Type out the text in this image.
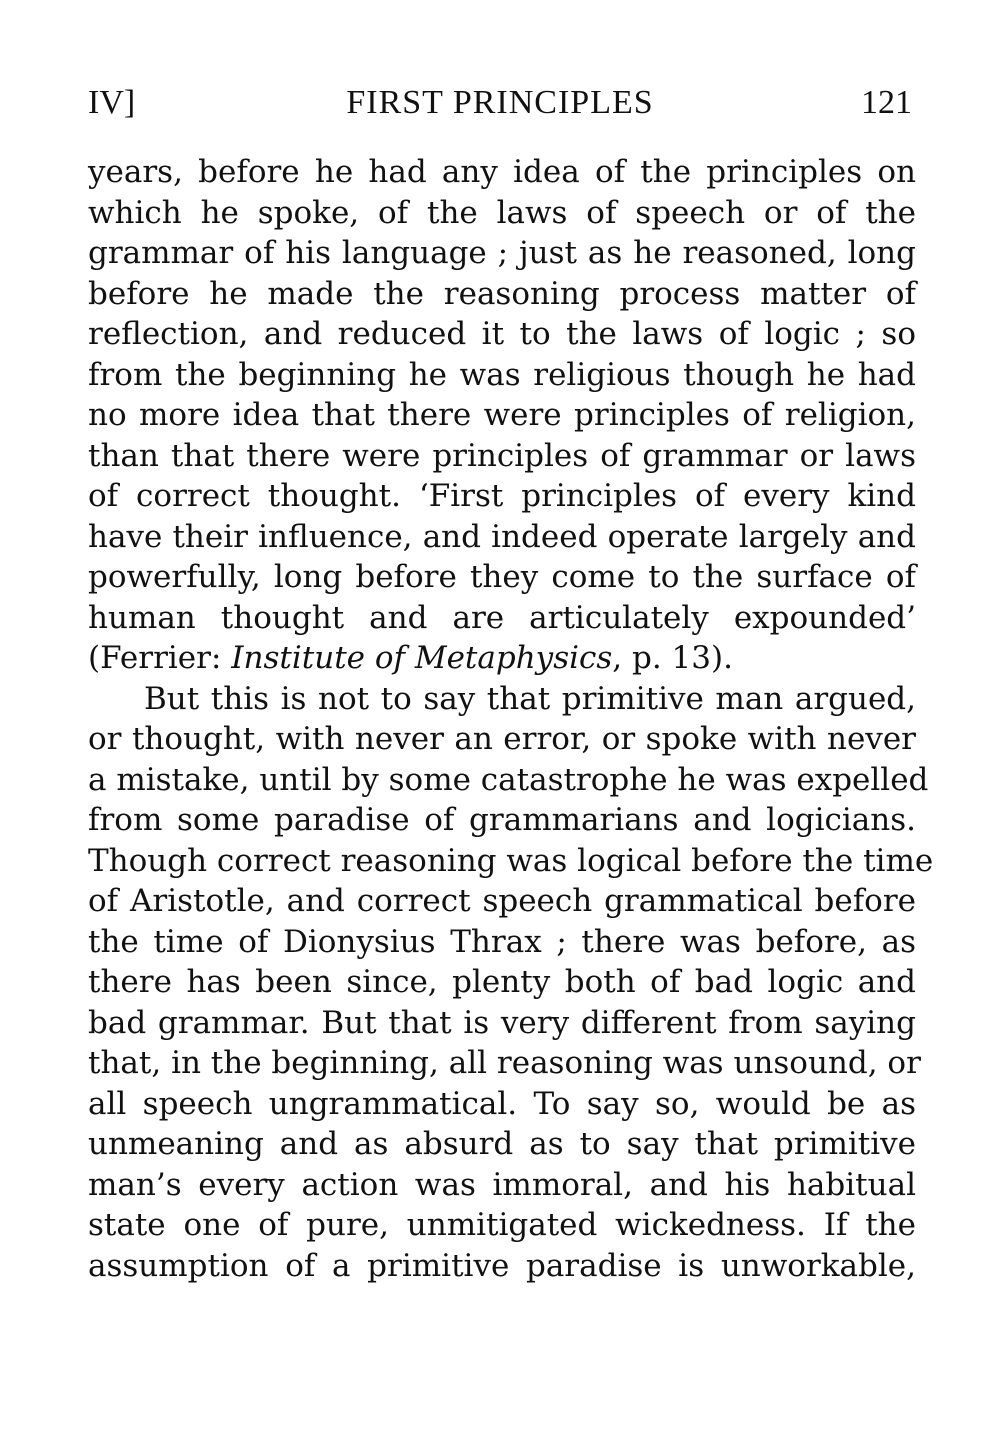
IV]	FIRST PRINCIPLES	121
years, before he had any idea of the principles on
which he spoke, of the laws of speech or of the
grammar of his language ; just as he reasoned, long
before he made the reasoning process matter of
reflection, and reduced it to the laws of logic ; so
from the beginning he was religious though he had
no more idea that there were principles of religion,
than that there were principles of grammar or laws
of correct thought. ‘First principles of every kind
have their influence, and indeed operate largely and
powerfully, long before they come to the surface of
human thought and are articulately expounded’
(Ferrier: Institute of Metaphysics, p. 13).
But this is not to say that primitive man argued,
or thought, with never an error, or spoke with never
a mistake, until by some catastrophe he was expelled
from some paradise of grammarians and logicians.
Though correct reasoning was logical before the time
of Aristotle, and correct speech grammatical before
the time of Dionysius Thrax ; there was before, as
there has been since, plenty both of bad logic and
bad grammar. But that is very different from saying
that, in the beginning, all reasoning was unsound, or
all speech ungrammatical. To say so, would be as
unmeaning and as absurd as to say that primitive
man’s every action was immoral, and his habitual
state one of pure, unmitigated wickedness. If the
assumption of a primitive paradise is unworkable,
